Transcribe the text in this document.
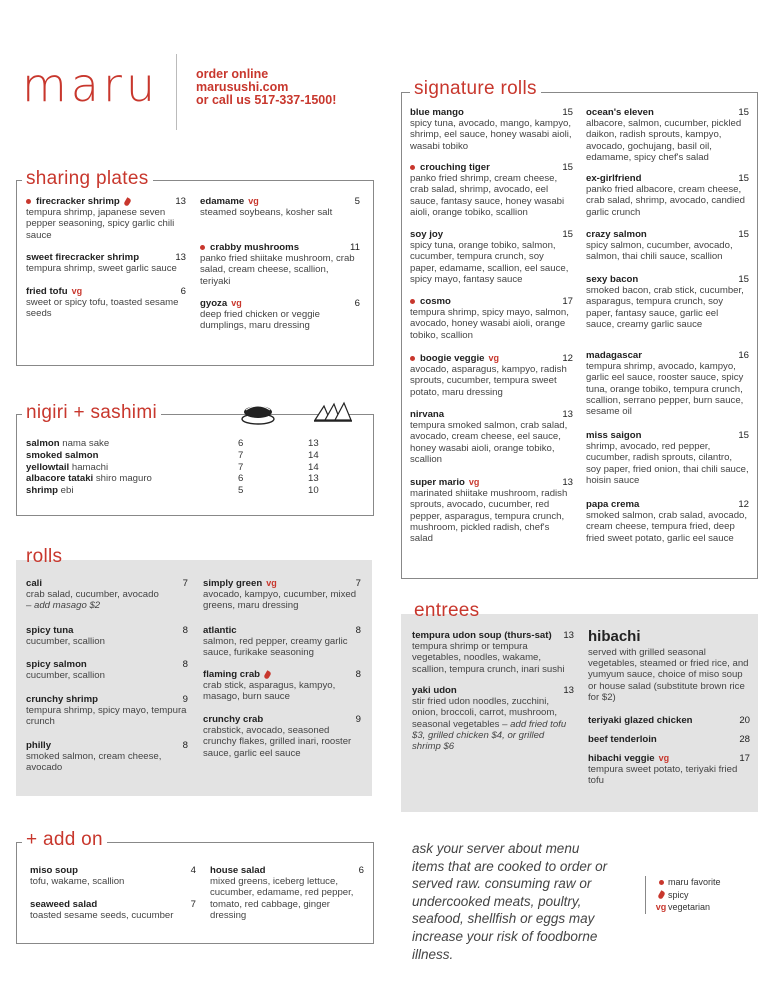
maru	order online
marusushi.com
or call us 517-337-1500!
sharing plates
firecracker shrimp	13
tempura shrimp, japanese seven pepper seasoning, spicy garlic chili sauce
sweet firecracker shrimp	13
tempura shrimp, sweet garlic sauce
fried tofu vg	6
sweet or spicy tofu, toasted sesame seeds
edamame vg	5
steamed soybeans, kosher salt
crabby mushrooms	11
panko fried shiitake mushroom, crab salad, cream cheese, scallion, teriyaki
gyoza vg	6
deep fried chicken or veggie dumplings, maru dressing
nigiri + sashimi
salmon nama sake	6	13
smoked salmon	7	14
yellowtail hamachi	7	14
albacore tataki shiro maguro	6	13
shrimp ebi	5	10
rolls
cali	7
crab salad, cucumber, avocado
– add masago $2
spicy tuna	8
cucumber, scallion
spicy salmon	8
cucumber, scallion
crunchy shrimp	9
tempura shrimp, spicy mayo, tempura crunch
philly	8
smoked salmon, cream cheese, avocado
simply green vg	7
avocado, kampyo, cucumber, mixed greens, maru dressing
atlantic	8
salmon, red pepper, creamy garlic sauce, furikake seasoning
flaming crab	8
crab stick, asparagus, kampyo, masago, burn sauce
crunchy crab	9
crabstick, avocado, seasoned crunchy flakes, grilled inari, rooster sauce, garlic eel sauce
+ add on
miso soup	4
tofu, wakame, scallion
seaweed salad	7
toasted sesame seeds, cucumber
house salad	6
mixed greens, iceberg lettuce, cucumber, edamame, red pepper, tomato, red cabbage, ginger dressing
signature rolls
blue mango	15
spicy tuna, avocado, mango, kampyo, shrimp, eel sauce, honey wasabi aioli, wasabi tobiko
crouching tiger	15
panko fried shrimp, cream cheese, crab salad, shrimp, avocado, eel sauce, fantasy sauce, honey wasabi aioli, orange tobiko, scallion
soy joy	15
spicy tuna, orange tobiko, salmon, cucumber, tempura crunch, soy paper, edamame, scallion, eel sauce, spicy mayo, fantasy sauce
cosmo	17
tempura shrimp, spicy mayo, salmon, avocado, honey wasabi aioli, orange tobiko, scallion
boogie veggie vg	12
avocado, asparagus, kampyo, radish sprouts, cucumber, tempura sweet potato, maru dressing
nirvana	13
tempura smoked salmon, crab salad, avocado, cream cheese, eel sauce, honey wasabi aioli, orange tobiko, scallion
super mario vg	13
marinated shiitake mushroom, radish sprouts, avocado, cucumber, red pepper, asparagus, tempura crunch, mushroom, pickled radish, chef's salad
ocean's eleven	15
albacore, salmon, cucumber, pickled daikon, radish sprouts, kampyo, avocado, gochujang, basil oil, edamame, spicy chef's salad
ex-girlfriend	15
panko fried albacore, cream cheese, crab salad, shrimp, avocado, candied garlic crunch
crazy salmon	15
spicy salmon, cucumber, avocado, salmon, thai chili sauce, scallion
sexy bacon	15
smoked bacon, crab stick, cucumber, asparagus, tempura crunch, soy paper, fantasy sauce, garlic eel sauce, creamy garlic sauce
madagascar	16
tempura shrimp, avocado, kampyo, garlic eel sauce, rooster sauce, spicy tuna, orange tobiko, tempura crunch, scallion, serrano pepper, burn sauce, sesame oil
miss saigon	15
shrimp, avocado, red pepper, cucumber, radish sprouts, cilantro, soy paper, fried onion, thai chili sauce, hoisin sauce
papa crema	12
smoked salmon, crab salad, avocado, cream cheese, tempura fried, deep fried sweet potato, garlic eel sauce
entrees
tempura udon soup (thurs-sat) 13
tempura shrimp or tempura vegetables, noodles, wakame, scallion, tempura crunch, inari sushi
yaki udon	13
stir fried udon noodles, zucchini, onion, broccoli, carrot, mushroom, seasonal vegetables – add fried tofu $3, grilled chicken $4, or grilled shrimp $6
hibachi
served with grilled seasonal vegetables, steamed or fried rice, and yumyum sauce, choice of miso soup or house salad (substitute brown rice for $2)
teriyaki glazed chicken	20
beef tenderloin	28
hibachi veggie vg	17
tempura sweet potato, teriyaki fried tofu
ask your server about menu items that are cooked to order or served raw. consuming raw or undercooked meats, poultry, seafood, shellfish or eggs may increase your risk of foodborne illness.
maru favorite
spicy
vg vegetarian
